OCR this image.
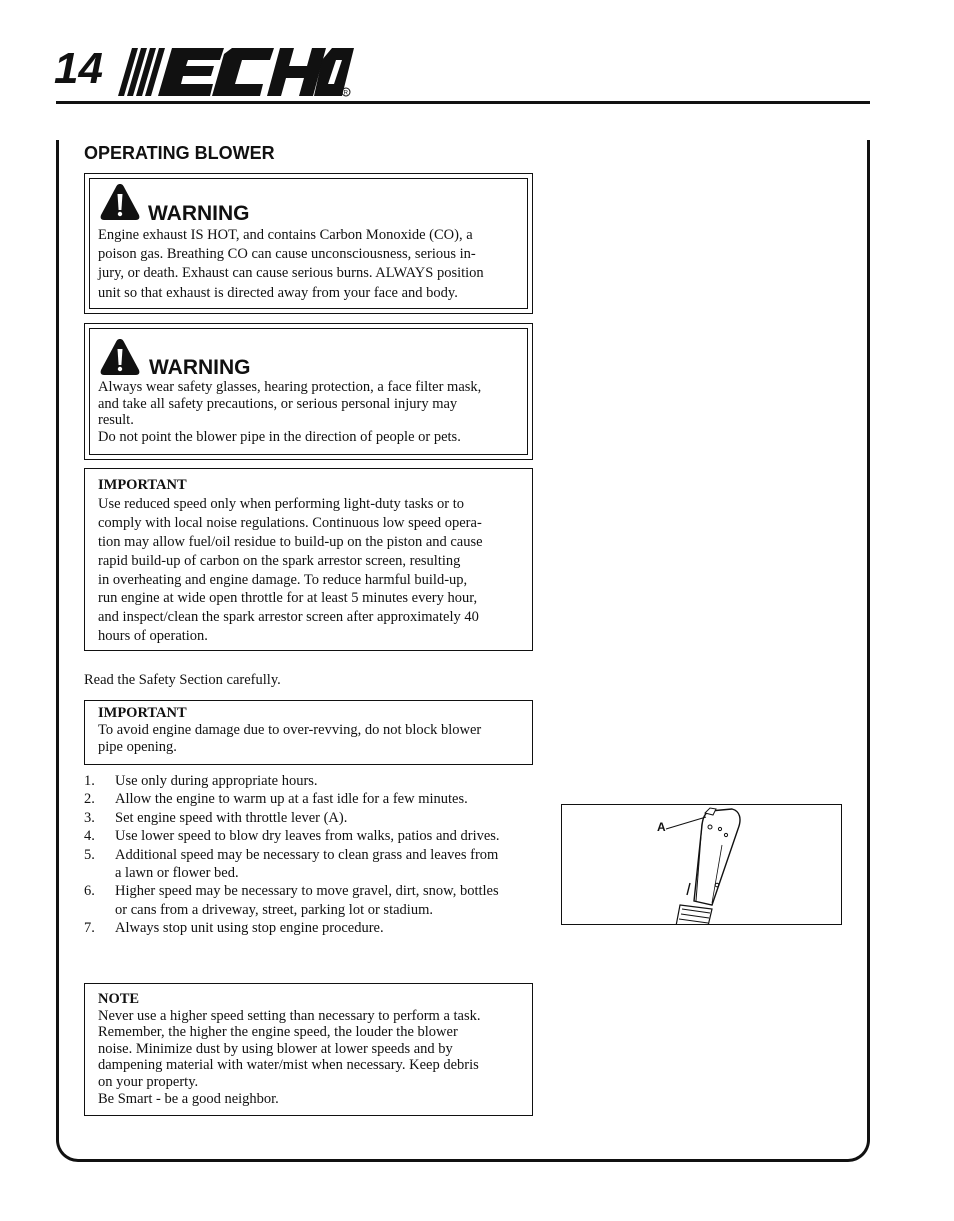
14
R
OPERATING BLOWER
WARNING

Engine exhaust IS HOT, and contains Carbon Monoxide (CO), a

poison gas. Breathing CO can cause unconsciousness, serious in-

jury, or death. Exhaust can cause serious burns. ALWAYS position

unit so that exhaust is directed away from your face and body.

WARNING

Always wear safety glasses, hearing protection, a face filter mask,

and take all safety precautions, or serious personal injury may

result.

Do not point the blower pipe in the direction of people or pets.

IMPORTANT

Use reduced speed only when performing light-duty tasks or to

comply with local noise regulations. Continuous low speed opera-

tion may allow fuel/oil residue to build-up on the piston and cause

rapid build-up of carbon on the spark arrestor screen, resulting

in overheating and engine damage. To reduce harmful build-up,

run engine at wide open throttle for at least 5 minutes every hour,

and inspect/clean the spark arrestor screen after approximately 40

hours of operation.

Read the Safety Section carefully.

IMPORTANT

To avoid engine damage due to over-revving, do not block blower

pipe opening.

1. Use only during appropriate hours.
2. Allow the engine to warm up at a fast idle for a few minutes.
3. Set engine speed with throttle lever (A).
4. Use lower speed to blow dry leaves from walks, patios and drives.
5. Additional speed may be necessary to clean grass and leaves from
a lawn or flower bed.
6. Higher speed may be necessary to move gravel, dirt, snow, bottles
or cans from a driveway, street, parking lot or stadium.
7. Always stop unit using stop engine procedure.

NOTE

Never use a higher speed setting than necessary to perform a task.

Remember, the higher the engine speed, the louder the blower

noise. Minimize dust by using blower at lower speeds and by

dampening material with water/mist when necessary. Keep debris

on your property.

Be Smart - be a good neighbor.

A
